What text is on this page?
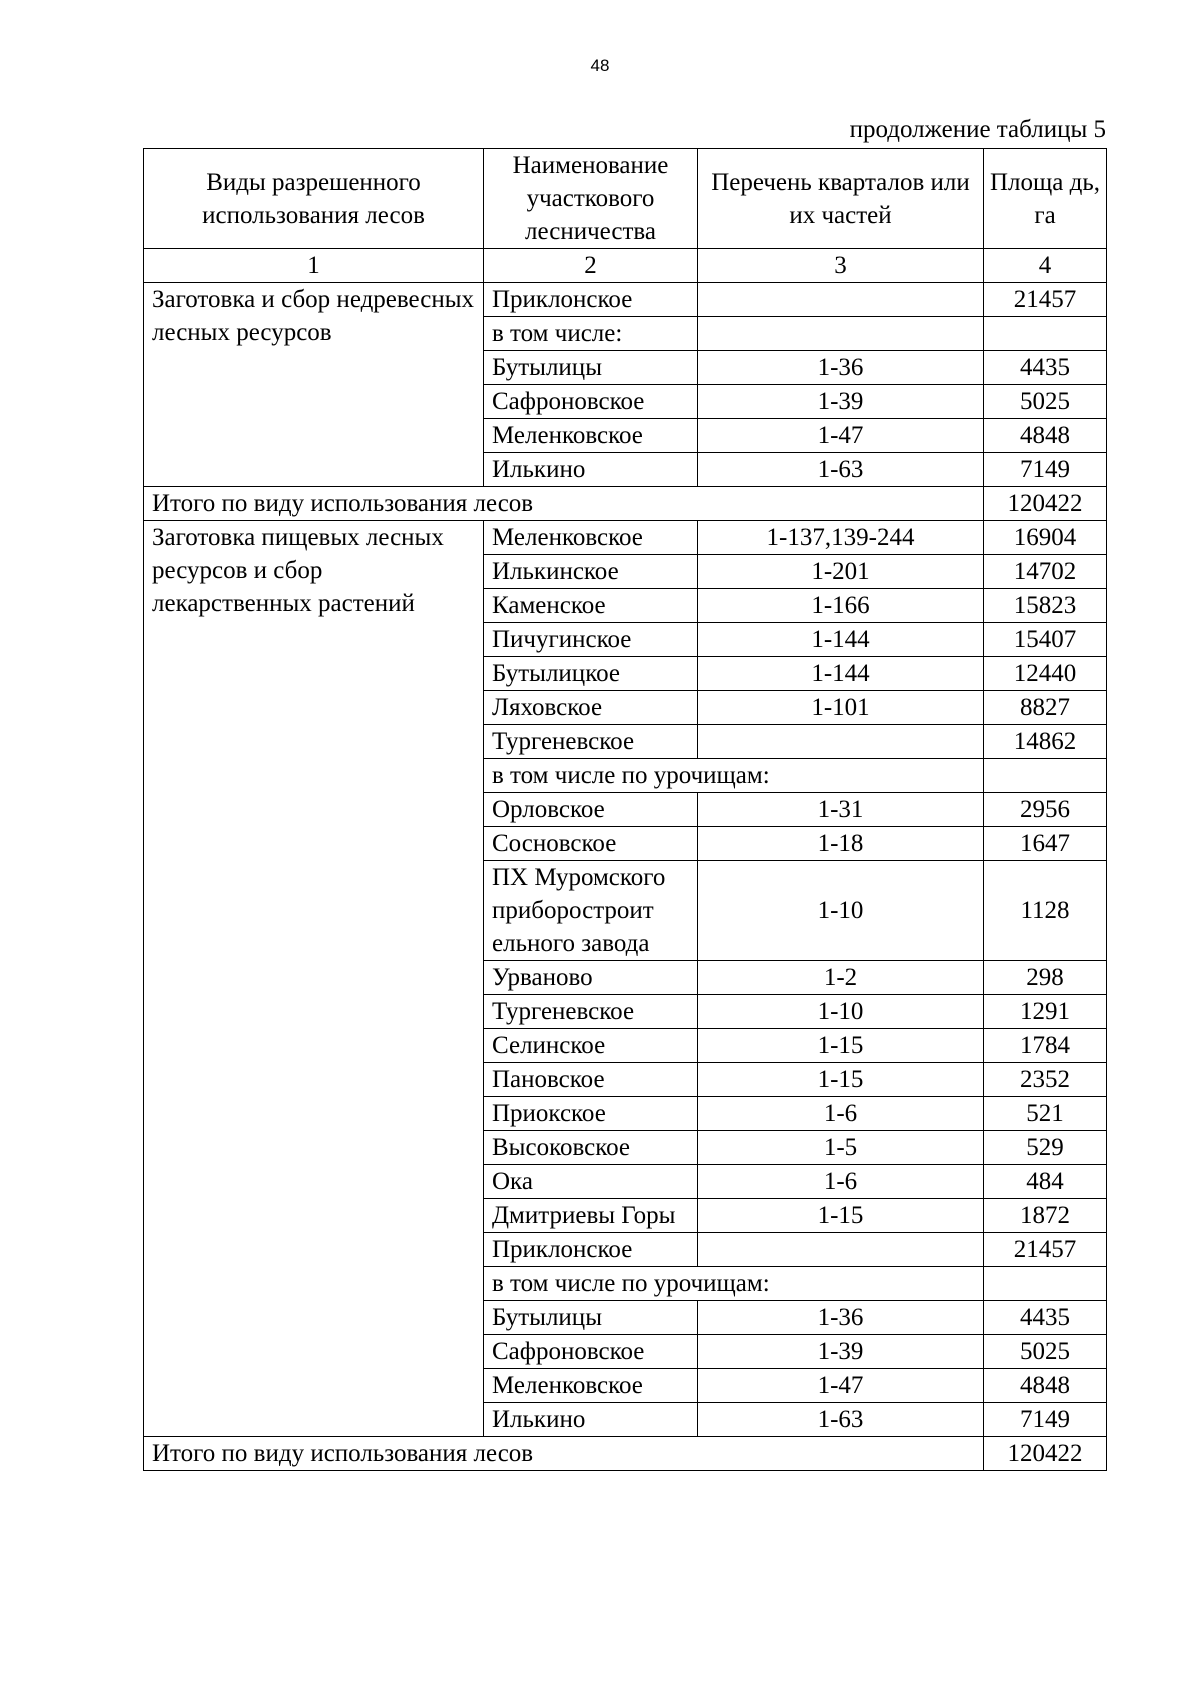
48
продолжение таблицы 5
Виды разрешенного использования лесов	Наименование участкового лесничества	Перечень кварталов или их частей	Площа дь, га
1	2	3	4
Заготовка и сбор недревесных лесных ресурсов	Приклонское		21457
	в том числе:		
	Бутылицы	1-36	4435
	Сафроновское	1-39	5025
	Меленковское	1-47	4848
	Илькино	1-63	7149
Итого по виду использования лесов			120422
Заготовка пищевых лесных ресурсов и сбор лекарственных растений	Меленковское	1-137,139-244	16904
	Илькинское	1-201	14702
	Каменское	1-166	15823
	Пичугинское	1-144	15407
	Бутылицкое	1-144	12440
	Ляховское	1-101	8827
	Тургеневское		14862
	в том числе по урочищам:		
	Орловское	1-31	2956
	Сосновское	1-18	1647
	ПХ Муромского приборостроит ельного завода	1-10	1128
	Урваново	1-2	298
	Тургеневское	1-10	1291
	Селинское	1-15	1784
	Пановское	1-15	2352
	Приокское	1-6	521
	Высоковское	1-5	529
	Ока	1-6	484
	Дмитриевы Горы	1-15	1872
	Приклонское		21457
	в том числе по урочищам:		
	Бутылицы	1-36	4435
	Сафроновское	1-39	5025
	Меленковское	1-47	4848
	Илькино	1-63	7149
Итого по виду использования лесов			120422
